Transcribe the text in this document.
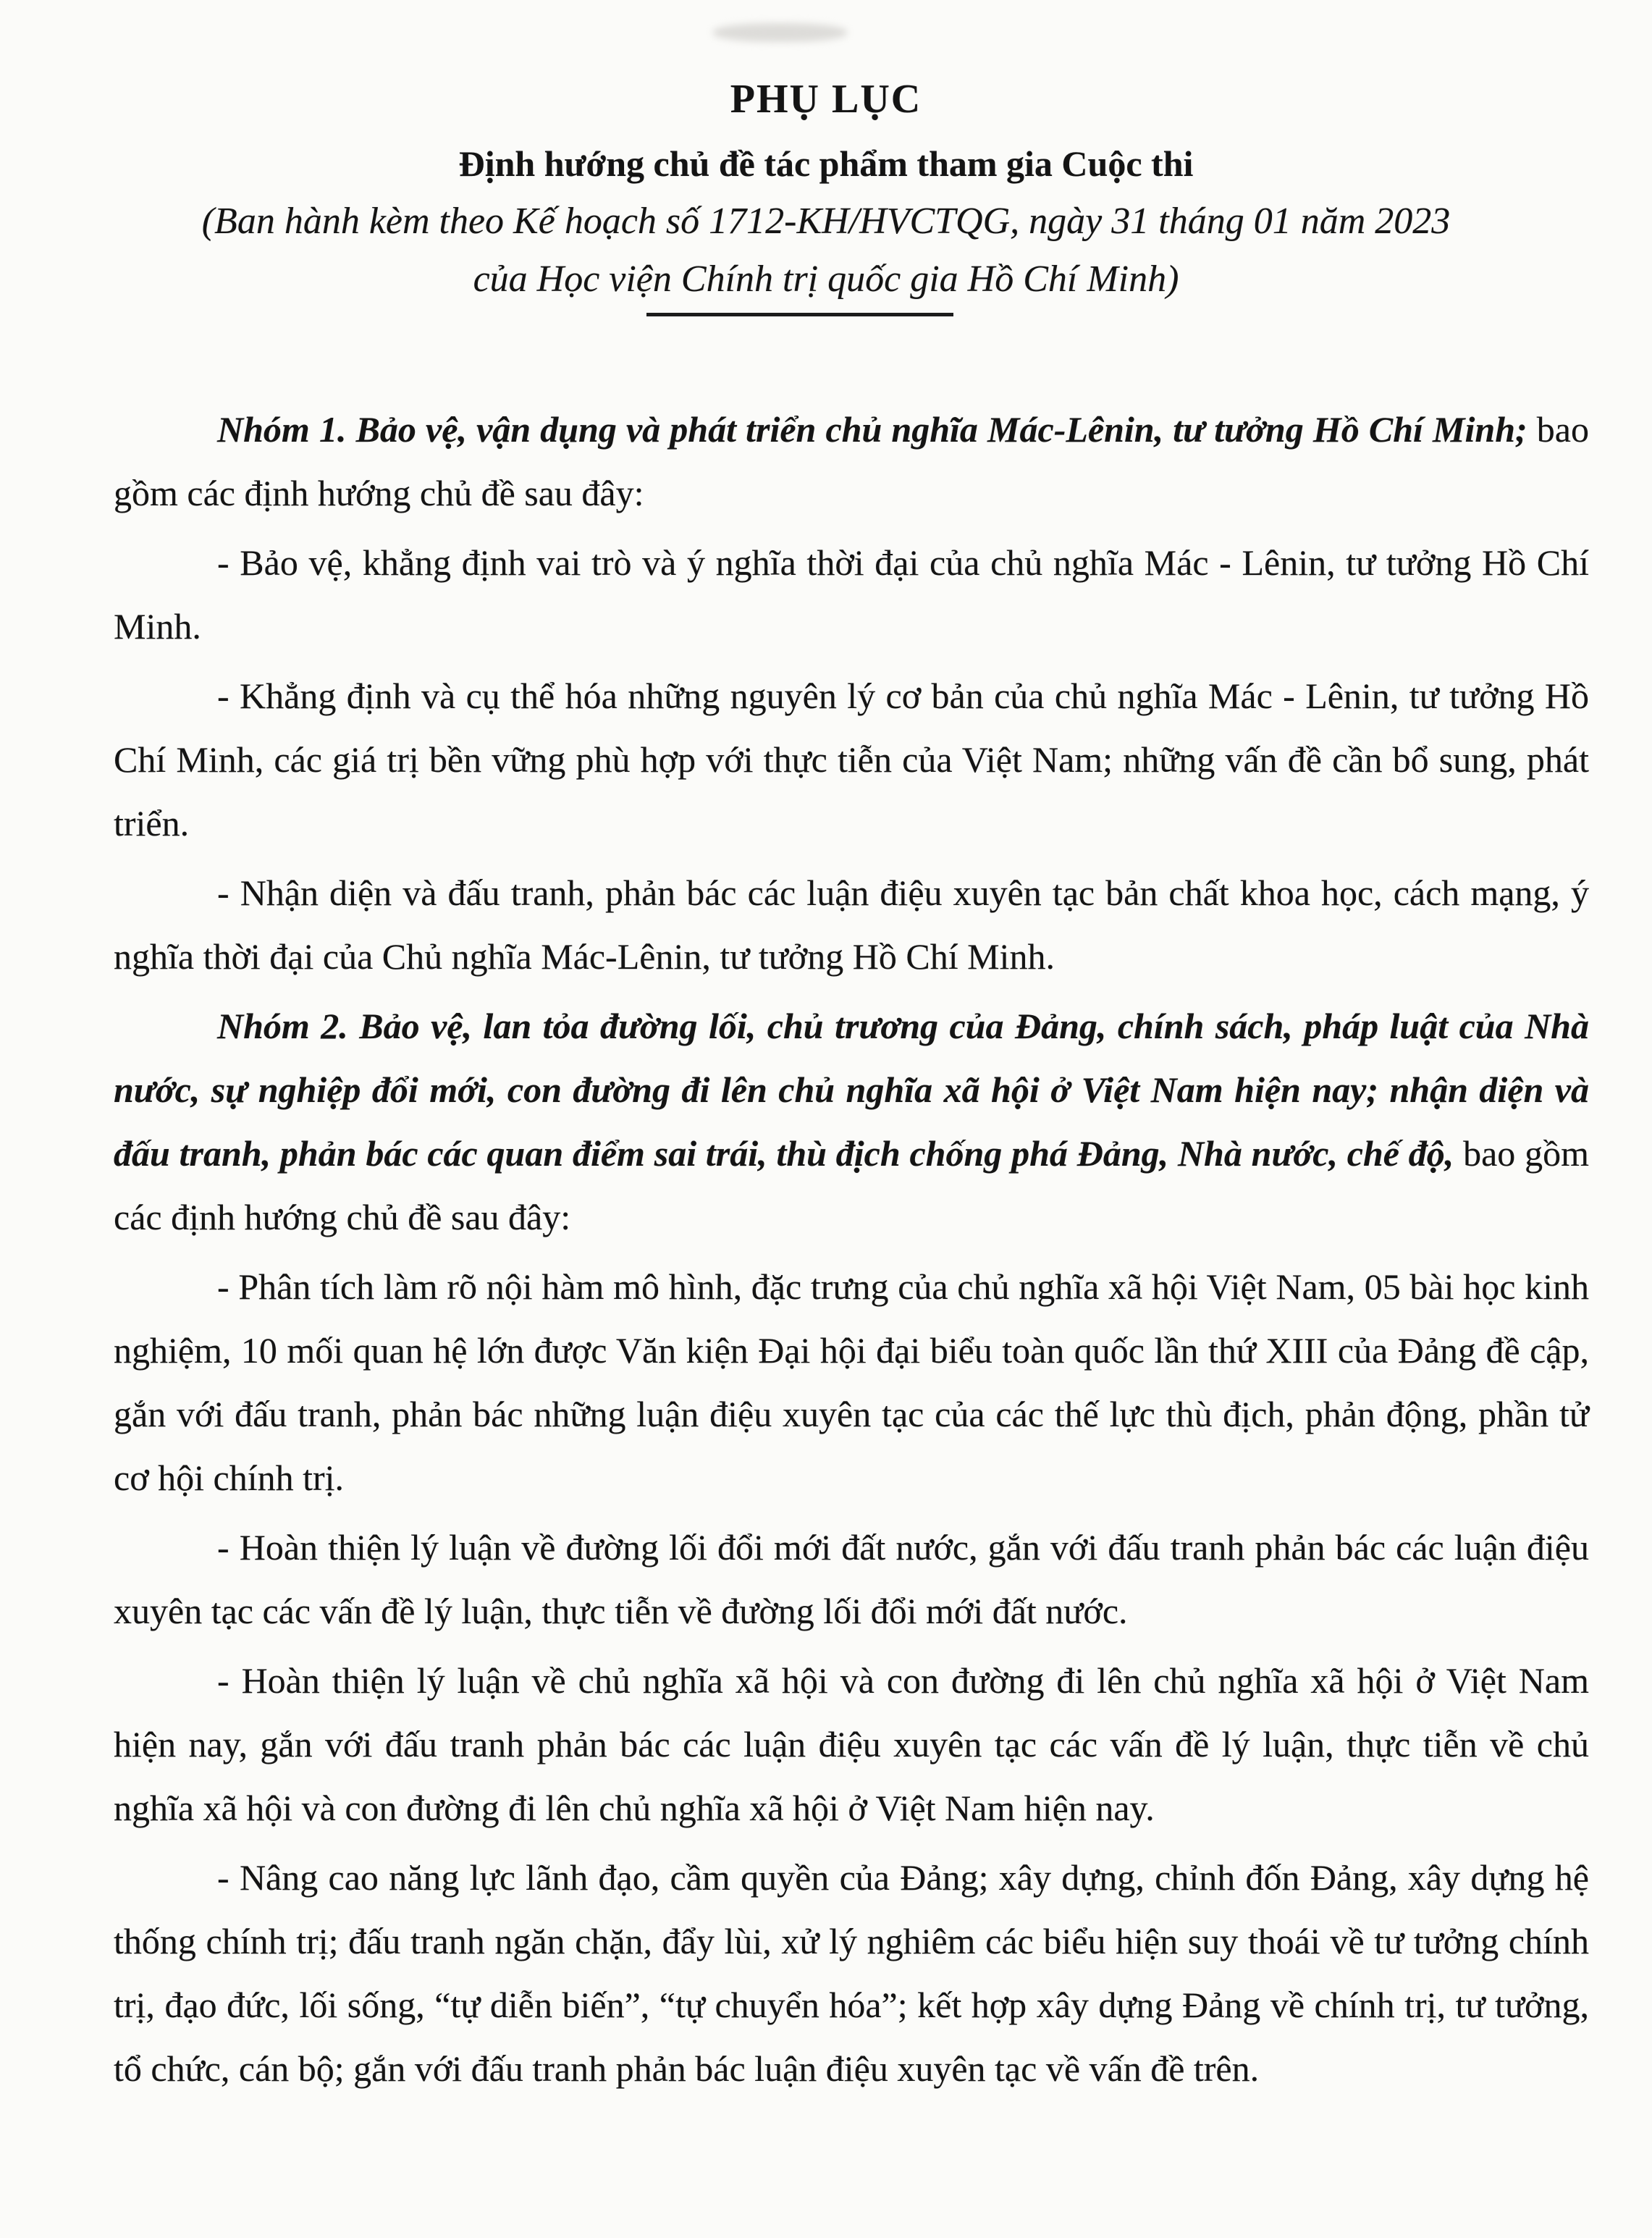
PHỤ LỤC
Định hướng chủ đề tác phẩm tham gia Cuộc thi

(Ban hành kèm theo Kế hoạch số 1712-KH/HVCTQG, ngày 31 tháng 01 năm 2023

của Học viện Chính trị quốc gia Hồ Chí Minh)

Nhóm 1. Bảo vệ, vận dụng và phát triển chủ nghĩa Mác-Lênin, tư tưởng Hồ Chí Minh; bao gồm các định hướng chủ đề sau đây:

- Bảo vệ, khẳng định vai trò và ý nghĩa thời đại của chủ nghĩa Mác - Lênin, tư tưởng Hồ Chí Minh.

- Khẳng định và cụ thể hóa những nguyên lý cơ bản của chủ nghĩa Mác - Lênin, tư tưởng Hồ Chí Minh, các giá trị bền vững phù hợp với thực tiễn của Việt Nam; những vấn đề cần bổ sung, phát triển.

- Nhận diện và đấu tranh, phản bác các luận điệu xuyên tạc bản chất khoa học, cách mạng, ý nghĩa thời đại của Chủ nghĩa Mác-Lênin, tư tưởng Hồ Chí Minh.

Nhóm 2. Bảo vệ, lan tỏa đường lối, chủ trương của Đảng, chính sách, pháp luật của Nhà nước, sự nghiệp đổi mới, con đường đi lên chủ nghĩa xã hội ở Việt Nam hiện nay; nhận diện và đấu tranh, phản bác các quan điểm sai trái, thù địch chống phá Đảng, Nhà nước, chế độ, bao gồm các định hướng chủ đề sau đây:

- Phân tích làm rõ nội hàm mô hình, đặc trưng của chủ nghĩa xã hội Việt Nam, 05 bài học kinh nghiệm, 10 mối quan hệ lớn được Văn kiện Đại hội đại biểu toàn quốc lần thứ XIII của Đảng đề cập, gắn với đấu tranh, phản bác những luận điệu xuyên tạc của các thế lực thù địch, phản động, phần tử cơ hội chính trị.

- Hoàn thiện lý luận về đường lối đổi mới đất nước, gắn với đấu tranh phản bác các luận điệu xuyên tạc các vấn đề lý luận, thực tiễn về đường lối đổi mới đất nước.

- Hoàn thiện lý luận về chủ nghĩa xã hội và con đường đi lên chủ nghĩa xã hội ở Việt Nam hiện nay, gắn với đấu tranh phản bác các luận điệu xuyên tạc các vấn đề lý luận, thực tiễn về chủ nghĩa xã hội và con đường đi lên chủ nghĩa xã hội ở Việt Nam hiện nay.

- Nâng cao năng lực lãnh đạo, cầm quyền của Đảng; xây dựng, chỉnh đốn Đảng, xây dựng hệ thống chính trị; đấu tranh ngăn chặn, đẩy lùi, xử lý nghiêm các biểu hiện suy thoái về tư tưởng chính trị, đạo đức, lối sống, “tự diễn biến”, “tự chuyển hóa”; kết hợp xây dựng Đảng về chính trị, tư tưởng, tổ chức, cán bộ; gắn với đấu tranh phản bác luận điệu xuyên tạc về vấn đề trên.
